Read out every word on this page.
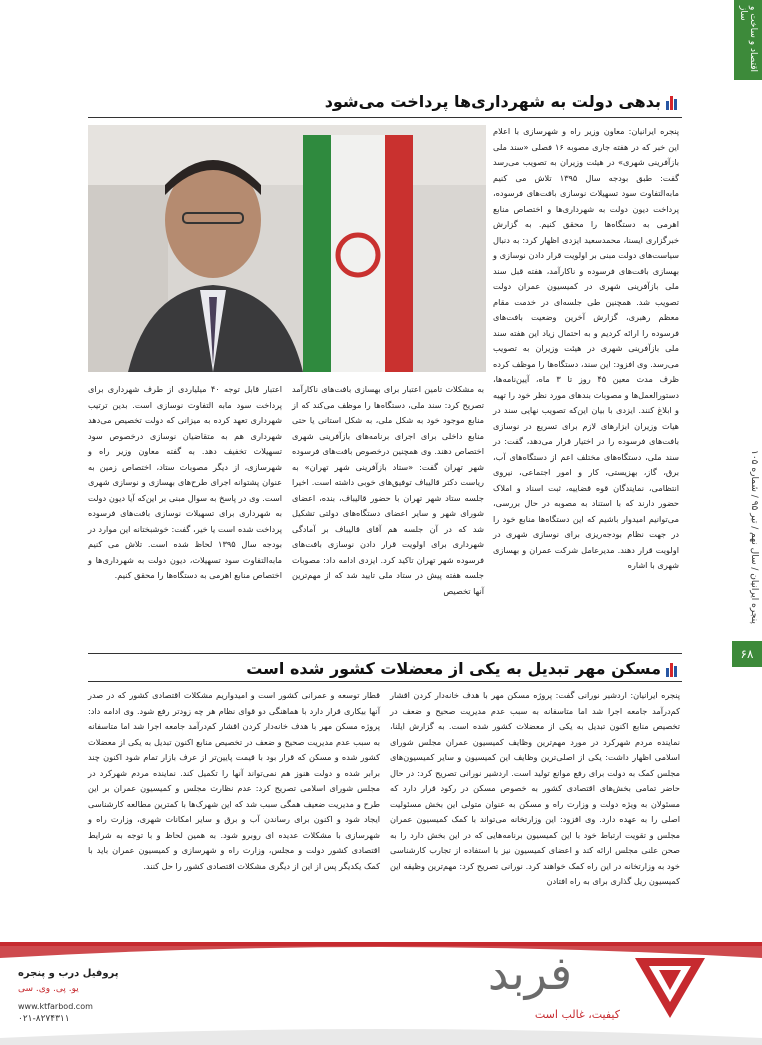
اقتصاد و ساخت و ساز
پنجره ایرانیان / سال نهم / تیر ۹۵ / شماره ۱۰۵
۶۸
بدهی دولت به شهرداری‌ها پرداخت می‌شود
پنجره ایرانیان: معاون وزیر راه و شهرسازی با اعلام این خبر که در هفته جاری مصوبه ۱۶ فصلی «سند ملی بازآفرینی شهری» در هیئت وزیران به تصویب می‌رسد گفت: طبق بودجه سال ۱۳۹۵ تلاش می کنیم مابه‌التفاوت سود تسهیلات نوسازی بافت‌های فرسوده، پرداخت دیون دولت به شهرداری‌ها و اختصاص منابع اهرمی به دستگاه‌ها را محقق کنیم. به گزارش خبرگزاری ایسنا، محمدسعید ایزدی اظهار کرد: به دنبال سیاست‌های دولت مبنی بر اولویت قرار دادن نوسازی و بهسازی بافت‌های فرسوده و ناکارآمد، هفته قبل سند ملی بازآفرینی شهری در کمیسیون عمران دولت تصویب شد. همچنین طی جلسه‌ای در خدمت مقام معظم رهبری، گزارش آخرین وضعیت بافت‌های فرسوده را ارائه کردیم و به احتمال زیاد این هفته سند ملی بازآفرینی شهری در هیئت وزیران به تصویب می‌رسد. وی افزود: این سند، دستگاه‌ها را موظف کرده ظرف مدت معین ۴۵ روز تا ۳ ماه، آیین‌نامه‌ها، دستورالعمل‌ها و مصوبات بندهای مورد نظر خود را تهیه و ابلاغ کنند. ایزدی با بیان این‌که تصویب نهایی سند در هیات وزیران ابزارهای لازم برای تسریع در نوسازی بافت‌های فرسوده را در اختیار قرار می‌دهد، گفت: در سند ملی، دستگاه‌های مختلف اعم از دستگاه‌های آب، برق، گاز، بهزیستی، کار و امور اجتماعی، نیروی انتظامی، نمایندگان قوه قضاییه، ثبت اسناد و املاک حضور دارند که با استناد به مصوبه در حال بررسی، می‌توانیم امیدوار باشیم که این دستگاه‌ها منابع خود را در جهت نظام بودجه‌ریزی برای نوسازی شهری در اولویت قرار دهند. مدیرعامل شرکت عمران و بهسازی شهری با اشاره
به مشکلات تامین اعتبار برای بهسازی بافت‌های ناکارآمد تصریح کرد: سند ملی، دستگاه‌ها را موظف می‌کند که از منابع موجود خود به شکل ملی، به شکل استانی یا حتی منابع داخلی برای اجرای برنامه‌های بازآفرینی شهری اختصاص دهند. وی همچنین درخصوص بافت‌های فرسوده شهر تهران گفت: «ستاد بازآفرینی شهر تهران» به ریاست دکتر قالیباف توفیق‌های خوبی داشته است. اخیرا جلسه ستاد شهر تهران با حضور قالیباف، بنده، اعضای شورای شهر و سایر اعضای دستگاه‌های دولتی تشکیل شد که در آن جلسه هم آقای قالیباف بر آمادگی شهرداری برای اولویت قرار دادن نوسازی بافت‌های فرسوده شهر تهران تاکید کرد. ایزدی ادامه داد: مصوبات جلسه هفته پیش در ستاد ملی تایید شد که از مهم‌ترین آنها تخصیص
اعتبار قابل توجه ۴۰ میلیاردی از طرف شهرداری برای پرداخت سود مابه التفاوت نوسازی است. بدین ترتیب شهرداری تعهد کرده به میزانی که دولت تخصیص می‌دهد شهرداری هم به متقاضیان نوسازی درخصوص سود تسهیلات تخفیف دهد. به گفته معاون وزیر راه و شهرسازی، از دیگر مصوبات ستاد، اختصاص زمین به عنوان پشتوانه اجرای طرح‌های بهسازی و نوسازی شهری است. وی در پاسخ به سوال مبنی بر این‌که آیا دیون دولت به شهرداری برای تسهیلات نوسازی بافت‌های فرسوده پرداخت شده است یا خیر، گفت: خوشبختانه این موارد در بودجه سال ۱۳۹۵ لحاظ شده است. تلاش می کنیم مابه‌التفاوت سود تسهیلات، دیون دولت به شهرداری‌ها و اختصاص منابع اهرمی به دستگاه‌ها را محقق کنیم.
مسکن مهر تبدیل به یکی از معضلات کشور شده است
پنجره ایرانیان: اردشیر نورانی گفت: پروژه مسکن مهر با هدف خانه‌دار کردن اقشار کم‌درآمد جامعه اجرا شد اما متاسفانه به سبب عدم مدیریت صحیح و ضعف در تخصیص منابع اکنون تبدیل به یکی از معضلات کشور شده است. به گزارش ایلنا، نماینده مردم شهرکرد در مورد مهم‌ترین وظایف کمیسیون عمران مجلس شورای اسلامی اظهار داشت: یکی از اصلی‌ترین وظایف این کمیسیون و سایر کمیسیون‌های مجلس کمک به دولت برای رفع موانع تولید است. اردشیر نورانی تصریح کرد: در حال حاضر تمامی بخش‌های اقتصادی کشور به خصوص مسکن در رکود قرار دارد که مسئولان به ویژه دولت و وزارت راه و مسکن به عنوان متولی این بخش مسئولیت اصلی را به عهده دارد. وی افزود: این وزارتخانه می‌تواند با کمک کمیسیون عمران مجلس و تقویت ارتباط خود با این کمیسیون برنامه‌هایی که در این بخش دارد را به صحن علنی مجلس ارائه کند و اعضای کمیسیون نیز با استفاده از تجارب کارشناسی خود به وزارتخانه در این راه کمک خواهند کرد. نورانی تصریح کرد: مهم‌ترین وظیفه این کمیسیون ریل گذاری برای به راه افتادن
قطار توسعه و عمرانی کشور است و امیدواریم مشکلات اقتصادی کشور که در صدر آنها بیکاری قرار دارد با هماهنگی دو قوای نظام هر چه زودتر رفع شود. وی ادامه داد: پروژه مسکن مهر با هدف خانه‌دار کردن اقشار کم‌درآمد جامعه اجرا شد اما متاسفانه به سبب عدم مدیریت صحیح و ضعف در تخصیص منابع اکنون تبدیل به یکی از معضلات کشور شده و مسکن که قرار بود با قیمت پایین‌تر از عرف بازار تمام شود اکنون چند برابر شده و دولت هنوز هم نمی‌تواند آنها را تکمیل کند. نماینده مردم شهرکرد در مجلس شورای اسلامی تصریح کرد: عدم نظارت مجلس و کمیسیون عمران بر این طرح و مدیریت ضعیف همگی سبب شد که این شهرک‌ها با کمترین مطالعه کارشناسی ایجاد شود و اکنون برای رساندن آب و برق و سایر امکانات شهری، وزارت راه و شهرسازی با مشکلات عدیده ای روبرو شود. به همین لحاظ و با توجه به شرایط اقتصادی کشور دولت و مجلس، وزارت راه و شهرسازی و کمیسیون عمران باید با کمک یکدیگر پس از این از دیگری مشکلات اقتصادی کشور را حل کنند.
فربد
کیفیت، غالب است
پروفیل درب و پنجره
یو. پی. وی. سی
www.ktfarbod.com
۰۲۱-۸۲۷۴۳۱۱
